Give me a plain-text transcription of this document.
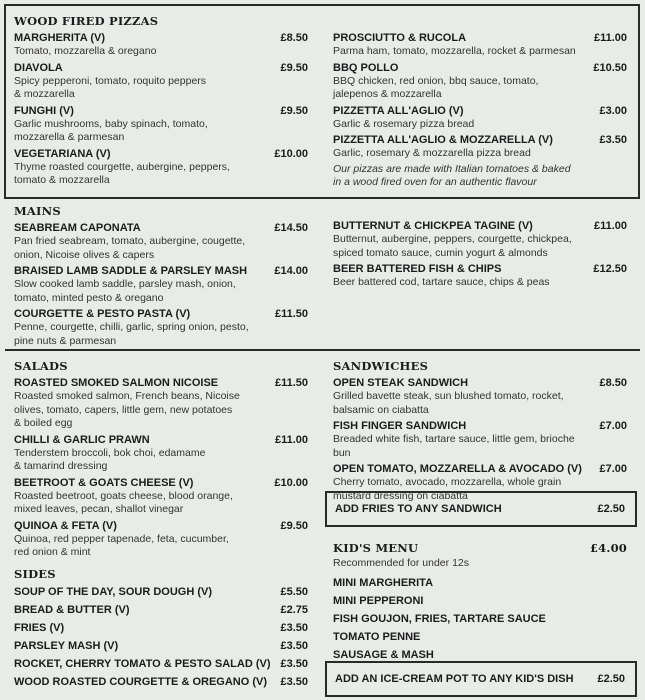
WOOD FIRED PIZZAS
MARGHERITA (V)	£8.50
Tomato, mozzarella & oregano
DIAVOLA	£9.50
Spicy pepperoni, tomato, roquito peppers
& mozzarella
FUNGHI (V)	£9.50
Garlic mushrooms, baby spinach, tomato,
mozzarella & parmesan
VEGETARIANA (V)	£10.00
Thyme roasted courgette, aubergine, peppers,
tomato & mozzarella
PROSCIUTTO & RUCOLA	£11.00
Parma ham, tomato, mozzarella, rocket & parmesan
BBQ POLLO	£10.50
BBQ chicken, red onion, bbq sauce, tomato,
jalepenos & mozzarella
PIZZETTA ALL'AGLIO (V)	£3.00
Garlic & rosemary pizza bread
PIZZETTA ALL'AGLIO & MOZZARELLA (V)	£3.50
Garlic, rosemary & mozzarella pizza bread
Our pizzas are made with Italian tomatoes & baked
in a wood fired oven for an authentic flavour
MAINS
SEABREAM CAPONATA	£14.50
Pan fried seabream, tomato, aubergine, cougette,
onion, Nicoise olives & capers
BRAISED LAMB SADDLE & PARSLEY MASH £14.00
Slow cooked lamb saddle, parsley mash, onion,
tomato, minted pesto & oregano
COURGETTE & PESTO PASTA (V)	£11.50
Penne, courgette, chilli, garlic, spring onion, pesto,
pine nuts & parmesan
BUTTERNUT & CHICKPEA TAGINE (V)	£11.00
Butternut, aubergine, peppers, courgette, chickpea,
spiced tomato sauce, cumin yogurt & almonds
BEER BATTERED FISH & CHIPS	£12.50
Beer battered cod, tartare sauce, chips & peas
SALADS
ROASTED SMOKED SALMON NICOISE	£11.50
Roasted smoked salmon, French beans, Nicoise
olives, tomato, capers, little gem, new potatoes
& boiled egg
CHILLI & GARLIC PRAWN	£11.00
Tenderstem broccoli, bok choi, edamame
& tamarind dressing
BEETROOT & GOATS CHEESE (V)	£10.00
Roasted beetroot, goats cheese, blood orange,
mixed leaves, pecan, shallot vinegar
QUINOA & FETA (V)	£9.50
Quinoa, red pepper tapenade, feta, cucumber,
red onion & mint
SIDES
SOUP OF THE DAY, SOUR DOUGH (V)	£5.50
BREAD & BUTTER (V)	£2.75
FRIES (V)	£3.50
PARSLEY MASH (V)	£3.50
ROCKET, CHERRY TOMATO & PESTO SALAD (V) £3.50
WOOD ROASTED COURGETTE & OREGANO (V) £3.50
SANDWICHES
OPEN STEAK SANDWICH	£8.50
Grilled bavette steak, sun blushed tomato, rocket,
balsamic on ciabatta
FISH FINGER SANDWICH	£7.00
Breaded white fish, tartare sauce, little gem, brioche bun
OPEN TOMATO, MOZZARELLA & AVOCADO (V) £7.00
Cherry tomato, avocado, mozzarella, whole grain
mustard dressing on ciabatta
ADD FRIES TO ANY SANDWICH	£2.50
KID'S MENU	£4.00
Recommended for under 12s
MINI MARGHERITA
MINI PEPPERONI
FISH GOUJON, FRIES, TARTARE SAUCE
TOMATO PENNE
SAUSAGE & MASH
ADD AN ICE-CREAM POT TO ANY KID'S DISH £2.50
